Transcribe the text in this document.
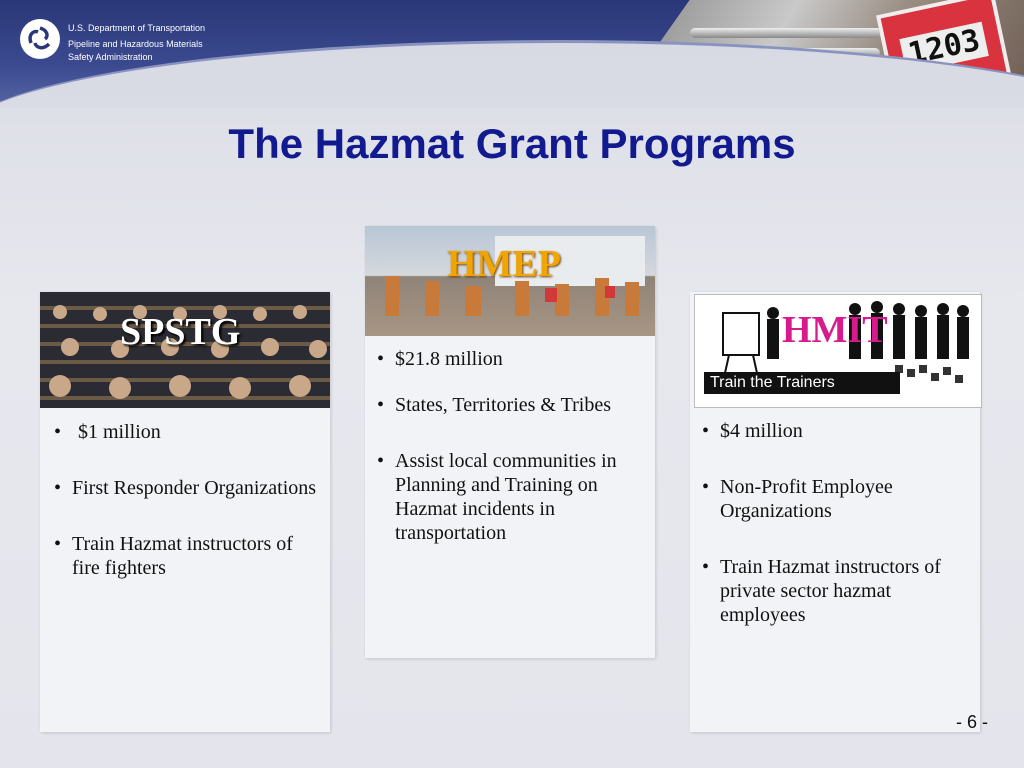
1203
U.S. Department of Transportation
Pipeline and Hazardous Materials
Safety Administration
The Hazmat Grant Programs
SPSTG
• $1 million
• First Responder Organizations
• Train Hazmat instructors of fire fighters
HMEP
• $21.8 million
• States, Territories & Tribes
• Assist local communities in Planning and Training on Hazmat incidents in transportation
HMIT
Train the Trainers
• $4 million
• Non-Profit Employee Organizations
• Train Hazmat instructors of private sector hazmat employees
- 6 -
